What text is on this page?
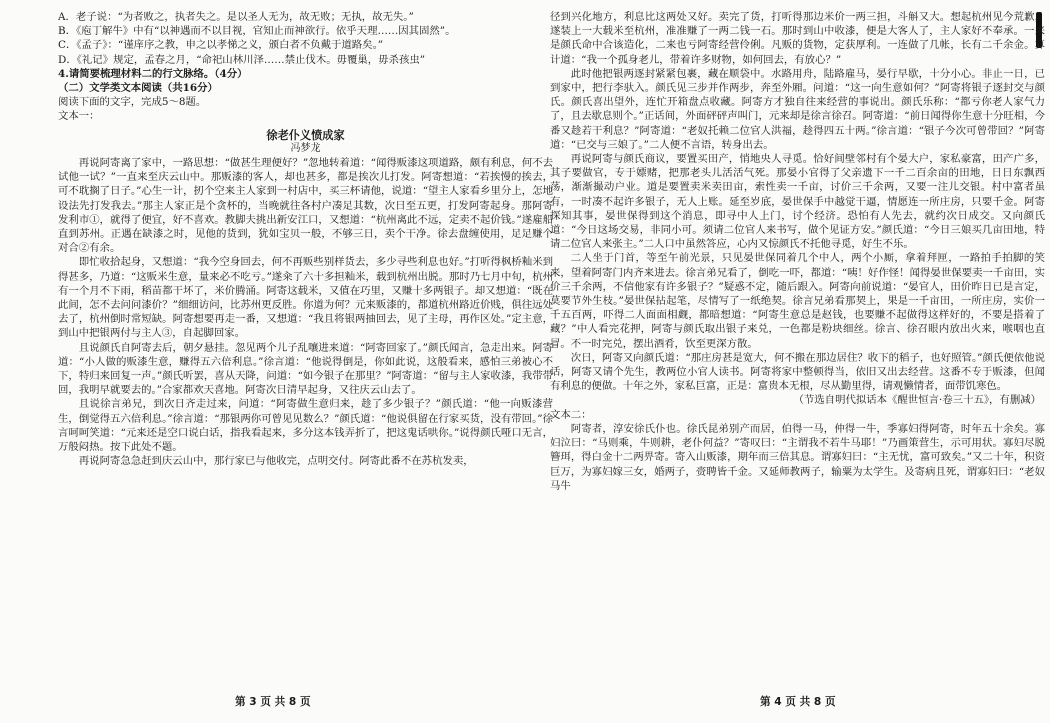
A．老子说：“为者败之，执者失之。是以圣人无为，故无败；无执，故无失。”
B．《庖丁解牛》中有“以神遇而不以目视，官知止而神欲行。依乎天理……因其固然”。
C．《孟子》：“谨庠序之教，申之以孝悌之义，颁白者不负戴于道路矣。”
D．《礼记》规定，孟春之月，“命祀山林川泽……禁止伐木。毋覆巢，毋杀孩虫”
4.请简要梳理材料二的行文脉络。（4分）
（二）文学类文本阅读（共16分）
阅读下面的文字，完成5～8题。
文本一：
徐老仆义愤成家
冯梦龙

再说阿寄离了家中，一路思想：“做甚生理便好？”忽地转着道：“闻得贩漆这项道路，颇有利息，何不去试他一试？”一直来至庆云山中。那贩漆的客人，却也甚多，都是挨次儿打发。阿寄想道：“若挨慢的挨去，可不耽搁了日子。”心生一计，扨个空来主人家到一村店中，买三杯请他，说道：“望主人家看乡里分上，怎地设法先打发我去。”那主人家正是个贪杯的，当晚就往各村户凑足其数，次日至五更，打发阿寄起身。那阿寄发利市①，就得了便宜，好不喜欢。教脚夫挑出新安江口，又想道：“杭州离此不远，定卖不起价钱。”遂雇船直到苏州。正遇在缺漆之时，见他的货到，犹如宝贝一般，不够三日，卖个干净。徐去盘缠使用，足足赚个对合②有余。

即忙收拾起身，又想道：“我今空身回去，何不再贩些别样货去，多少寻些利息也好。”打听得枫桥籼米到得甚多，乃道：“这贩米生意，量来必不吃亏。”遂籴了六十多担籼米，载到杭州出脱。那时乃七月中旬，杭州有一个月不下雨，稻苗都干坏了，米价腾涌。阿寄这载米，又值在巧里，又赚十多两银子。却又想道：“既在此间，怎不去问问漆价？”细细访问，比苏州更反胜。你道为何？元来贩漆的，都道杭州路近价贱，俱往远处去了，杭州倒时常短缺。阿寄想要再走一番，又想道：“我且将银两抽回去，见了主母，再作区处。”定主意，到山中把银两付与主人③，自起脚回家。

且说颜氏自阿寄去后，朝夕悬挂。忽见两个儿子乱嚷进来道：“阿寄回家了。”颜氏闻言，急走出来。阿寄道：“小人做的贩漆生意，赚得五六倍利息。”徐言道：“他说得倒是，你如此说，这般看来，感怕三弟被心不下，特归来回复一声。”颜氏听罢，喜从天降，问道：“如今银子在那里？”阿寄道：“留与主人家收漆，我带带回，我明早就要去的。”合家都欢天喜地。阿寄次日清早起身，又往庆云山去了。

且说徐言弟兄，到次日齐走过来，问道：“阿寄做生意归来，趁了多少银子？”颜氏道：“他一向贩漆营生，倒觉得五六倍利息。”徐言道：“那银两你可曾见见数么？”颜氏道：“他说俱留在行家买货，没有带回。”徐言呵呵笑道：“元来还是空口说白话，指我看起来，多分这本钱弄折了，把这鬼话哄你。”说得颜氏哑口无言，万般闷热。按下此处不题。

再说阿寄急急赶到庆云山中，那行家已与他收完，点明交付。阿寄此番不在苏杭发卖，

径到兴化地方，利息比这两处又好。卖完了货，打听得那边米价一两三担，斗斛又大。想起杭州见今荒歉，遂装上一大载米至杭州，准准赚了一两二钱一石。那时到山中收漆，便是大客人了，主人家好不奉承。一来是颜氏命中合该造化，二来也亏阿寄经营伶俐。凡贩的货物，定获厚利。一连做了几帐，长有二千余金。算计道：“我一个孤身老儿，带着许多财物，如何回去，有放心？”

此时他把银两逐封紧紧包裹，藏在顺袋中。水路用舟，陆路雇马，晏行早歇，十分小心。非止一日，已到家中，把行李驮入。颜氏见三步并作两步，奔至外厢。问道：“这一向生意如何？”阿寄将银子逐封交与颜氏。颜氏喜出望外，连忙开箱盘点收藏。阿寄方才独自往来经营的事说出。颜氏乐称：“都亏你老人家气力了，且去歇息则个。”正话间，外面砰砰声叫门，元来却是徐言徐召。阿寄道：“前日闻得你生意十分旺相，今番又趁若干利息？”阿寄道：“老奴托赖二位官人洪福，趁得四五十两。”徐言道：“银子今次可曾带回？”阿寄道：“已交与三娘了。”二人便不言语，转身出去。

再说阿寄与颜氏商议，要置买田产，悄地央人寻觅。恰好间壁邻村有个晏大户，家私豪富，田产广多，其子要做官，专于嫖赌，把那老头儿活活气死。那晏小官得了父亲遗下一千二百余亩的田地，日日东飘西荡，渐渐撮动户业。道是要置卖米卖田亩，索性卖一千亩，讨价三千余两，又要一注儿交银。村中富者虽有，一时凑不起许多银子，无人上账。延至岁底，晏世保手中越觉干逼，情愿连一所庄房，只要千金。阿寄探知其事，晏世保得到这个消息，即寻中人上门，讨个经济。恐怕有人先去，就约次日成交。又向颜氏道：“今日这场交易，非同小可。须请二位官人来书写，做个见证方安。”颜氏道：“今日三娘买几亩田地，特请二位官人来张主。”二人口中虽然答应，心内又惊颜氏不托他寻觅，好生不乐。

二人坐于门首，等至午前光景，只见晏世保同着几个中人，两个小厮，拿着拜匣，一路拍手拍脚的笑来，望着阿寄门内齐来进去。徐言弟兄看了，倒吃一吓，都道：“咦！好作怪！闻得晏世保要卖一千亩田，实价三千余两，不信他家有许多银子？”疑惑不定，随后跟入。阿寄向前说道：“晏官人，田价昨日已是言定，莫要节外生枝。”晏世保拈起笔，尽情写了一纸绝契。徐言兄弟看那契上，果是一千亩田，一所庄房，实价一千五百两，吓得二人面面相觑，都暗想道：“阿寄生意总是赵钱，也要赚不起做得这样好的，不要是搭着了藏？”中人看完花押，阿寄与颜氏取出银子来兑，一色都是粉块细丝。徐言、徐召眼内放出火来，喉咽也直冒。不一时完兑，摆出酒肴，饮至更深方散。

次日，阿寄又向颜氏道：“那庄房甚是宽大，何不搬在那边居住？收下的稻子，也好照管。”颜氏便依他说话，阿寄又请个先生，教两位小官人读书。阿寄将家中整顿得当，依旧又出去经营。这番不专于贩漆，但闻有利息的便做。十年之外，家私巨富，正是：富贵本无根，尽从勤里得，请观懒情者，面带饥寒色。

（节选自明代拟话本《醒世恒言·卷三十五》，有删减）
文本二：

阿寄者，淳安徐氏仆也。徐氏昆弟别产而居，伯得一马，仲得一牛，季寡妇得阿寄，时年五十余矣。寡妇泣曰：“马则乘，牛则耕，老仆何益？”寄叹曰：“主谓我不若牛马耶！”乃画策营生，示可用状。寡妇尽脱簪珥，得白金十二两畀寄。寄入山贩漆，期年而三倍其息。谓寡妇曰：“主无忧，富可致矣。”又二十年，积资巨万，为寡妇嫁三女，婚两子，赍聘皆千金。又延师教两子，输粟为太学生。及寄病且死，谓寡妇曰：“老奴马牛

第 3 页 共 8 页	第 4 页 共 8 页
